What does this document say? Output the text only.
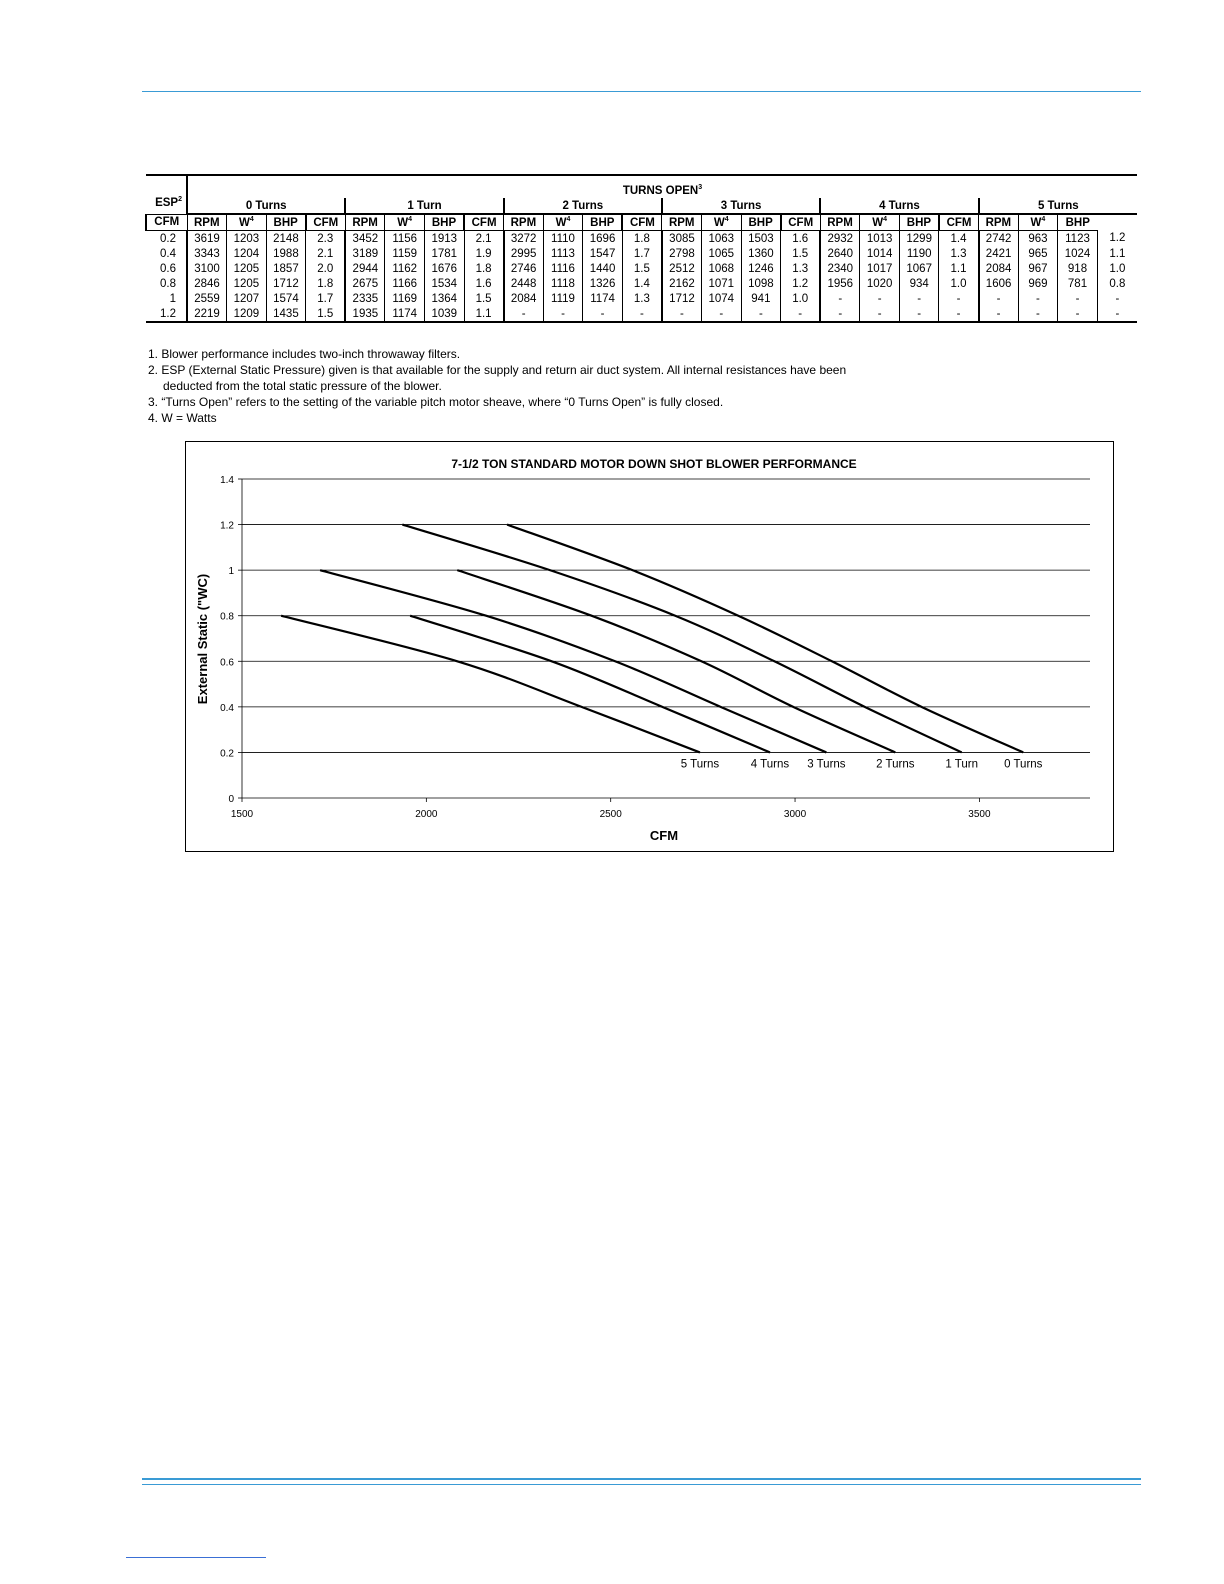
ESP$^2$	TURNS OPEN$^3$
	0 Turns				1 Turn				2 Turns				3 Turns				4 Turns				5 Turns			
CFM	RPM	$W^4$	BHP	CFM	RPM	$W^4$	BHP	CFM	RPM	$W^4$	BHP	CFM	RPM	$W^4$	BHP	CFM	RPM	$W^4$	BHP	CFM	RPM	$W^4$	BHP	
0.2	3619	1203	2148	2.3	3452	1156	1913	2.1	3272	1110	1696	1.8	3085	1063	1503	1.6	2932	1013	1299	1.4	2742	963	1123	1.2
0.4	3343	1204	1988	2.1	3189	1159	1781	1.9	2995	1113	1547	1.7	2798	1065	1360	1.5	2640	1014	1190	1.3	2421	965	1024	1.1
0.6	3100	1205	1857	2.0	2944	1162	1676	1.8	2746	1116	1440	1.5	2512	1068	1246	1.3	2340	1017	1067	1.1	2084	967	918	1.0
0.8	2846	1205	1712	1.8	2675	1166	1534	1.6	2448	1118	1326	1.4	2162	1071	1098	1.2	1956	1020	934	1.0	1606	969	781	0.8
1	2559	1207	1574	1.7	2335	1169	1364	1.5	2084	1119	1174	1.3	1712	1074	941	1.0	-	-	-	-	-	-	-	-
1.2	2219	1209	1435	1.5	1935	1174	1039	1.1	-	-	-	-	-	-	-	-	-	-	-	-	-	-	-	-

1. Blower performance includes two-inch throwaway filters.

2. ESP (External Static Pressure) given is that available for the supply and return air duct system. All internal resistances have been

deducted from the total static pressure of the blower.

3. “Turns Open” refers to the setting of the variable pitch motor sheave, where “0 Turns Open” is fully closed.

4. W = Watts

7-1/2 TON STANDARD MOTOR DOWN SHOT BLOWER PERFORMANCE
CFM
External Static ("WC)
0
0.2
0.4
0.6
0.8
1
1.2
1.4
1500	2000	2500	3000	3500
0 Turns
1 Turn
2 Turns
3 Turns
4 Turns
5 Turns
